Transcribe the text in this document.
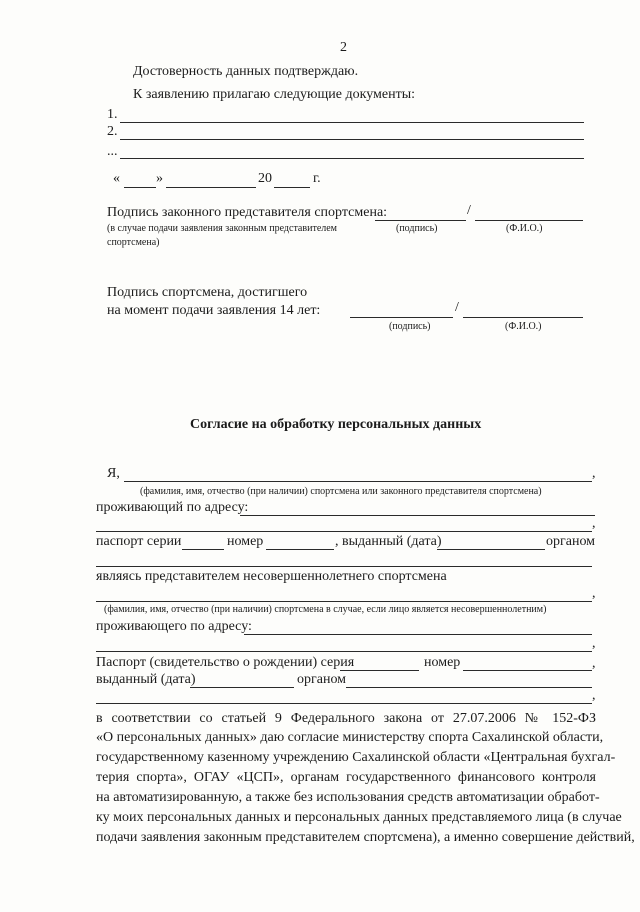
2
Достоверность данных подтверждаю.
К заявлению прилагаю следующие документы:
1.
2.
...
«	»	20	г.
Подпись законного представителя спортсмена:	/
(в случае подачи заявления законным представителем
спортсмена)
(подпись)	(Ф.И.О.)
Подпись спортсмена, достигшего
на момент подачи заявления 14 лет:	/
(подпись)	(Ф.И.О.)
Согласие на обработку персональных данных
Я,	,
(фамилия, имя, отчество (при наличии) спортсмена или законного представителя спортсмена)
проживающий по адресу:
,
паспорт серии	номер	, выданный (дата)	органом
являясь представителем несовершеннолетнего спортсмена
,
(фамилия, имя, отчество (при наличии) спортсмена в случае, если лицо является несовершеннолетним)
проживающего по адресу:
,
Паспорт (свидетельство о рождении) серия	номер	,
выданный (дата)	органом
,
в соответствии со статьей 9 Федерального закона от 27.07.2006 № 152-ФЗ
«О персональных данных» даю согласие министерству спорта Сахалинской области,
государственному казенному учреждению Сахалинской области «Центральная бухгал-
терия спорта», ОГАУ «ЦСП», органам государственного финансового контроля
на автоматизированную, а также без использования средств автоматизации обработ-
ку моих персональных данных и персональных данных представляемого лица (в случае
подачи заявления законным представителем спортсмена), а именно совершение действий,
